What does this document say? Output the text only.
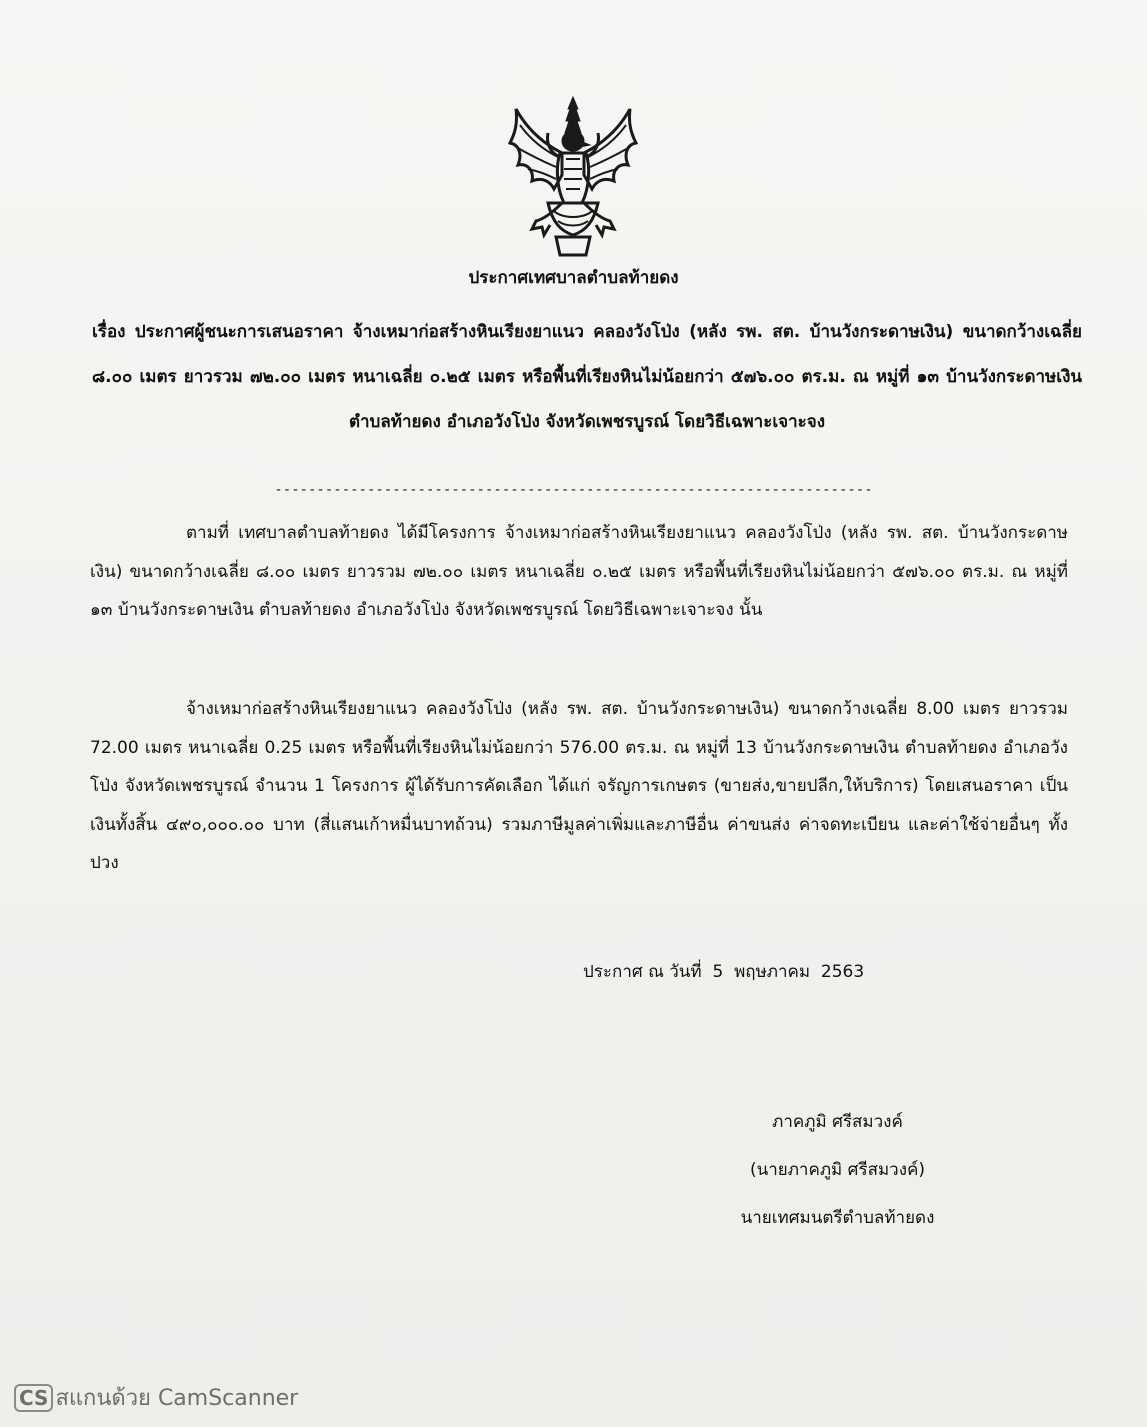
ประกาศเทศบาลตำบลท้ายดง
เรื่อง ประกาศผู้ชนะการเสนอราคา จ้างเหมาก่อสร้างหินเรียงยาแนว คลองวังโป่ง (หลัง รพ. สต. บ้านวังกระดาษเงิน) ขนาดกว้างเฉลี่ย ๘.๐๐ เมตร ยาวรวม ๗๒.๐๐ เมตร หนาเฉลี่ย ๐.๒๕ เมตร หรือพื้นที่เรียงหินไม่น้อยกว่า ๕๗๖.๐๐ ตร.ม. ณ หมู่ที่ ๑๓ บ้านวังกระดาษเงิน ตำบลท้ายดง อำเภอวังโป่ง จังหวัดเพชรบูรณ์ โดยวิธีเฉพาะเจาะจง
-----------------------------------------------------------------------
ตามที่ เทศบาลตำบลท้ายดง ได้มีโครงการ จ้างเหมาก่อสร้างหินเรียงยาแนว คลองวังโป่ง (หลัง รพ. สต. บ้านวังกระดาษเงิน) ขนาดกว้างเฉลี่ย ๘.๐๐ เมตร ยาวรวม ๗๒.๐๐ เมตร หนาเฉลี่ย ๐.๒๕ เมตร หรือพื้นที่เรียงหินไม่น้อยกว่า ๕๗๖.๐๐ ตร.ม. ณ หมู่ที่ ๑๓ บ้านวังกระดาษเงิน ตำบลท้ายดง อำเภอวังโป่ง จังหวัดเพชรบูรณ์ โดยวิธีเฉพาะเจาะจง นั้น
จ้างเหมาก่อสร้างหินเรียงยาแนว คลองวังโป่ง (หลัง รพ. สต. บ้านวังกระดาษเงิน) ขนาดกว้างเฉลี่ย 8.00 เมตร ยาวรวม 72.00 เมตร หนาเฉลี่ย 0.25 เมตร หรือพื้นที่เรียงหินไม่น้อยกว่า 576.00 ตร.ม. ณ หมู่ที่ 13 บ้านวังกระดาษเงิน ตำบลท้ายดง อำเภอวังโป่ง จังหวัดเพชรบูรณ์ จำนวน 1 โครงการ ผู้ได้รับการคัดเลือก ได้แก่ จรัญการเกษตร (ขายส่ง,ขายปลีก,ให้บริการ) โดยเสนอราคา เป็นเงินทั้งสิ้น ๔๙๐,๐๐๐.๐๐ บาท (สี่แสนเก้าหมื่นบาทถ้วน) รวมภาษีมูลค่าเพิ่มและภาษีอื่น ค่าขนส่ง ค่าจดทะเบียน และค่าใช้จ่ายอื่นๆ ทั้งปวง
ประกาศ ณ วันที่  5  พฤษภาคม  2563
ภาคภูมิ ศรีสมวงค์
(นายภาคภูมิ ศรีสมวงค์)
นายเทศมนตรีตำบลท้ายดง
CS สแกนด้วย CamScanner
